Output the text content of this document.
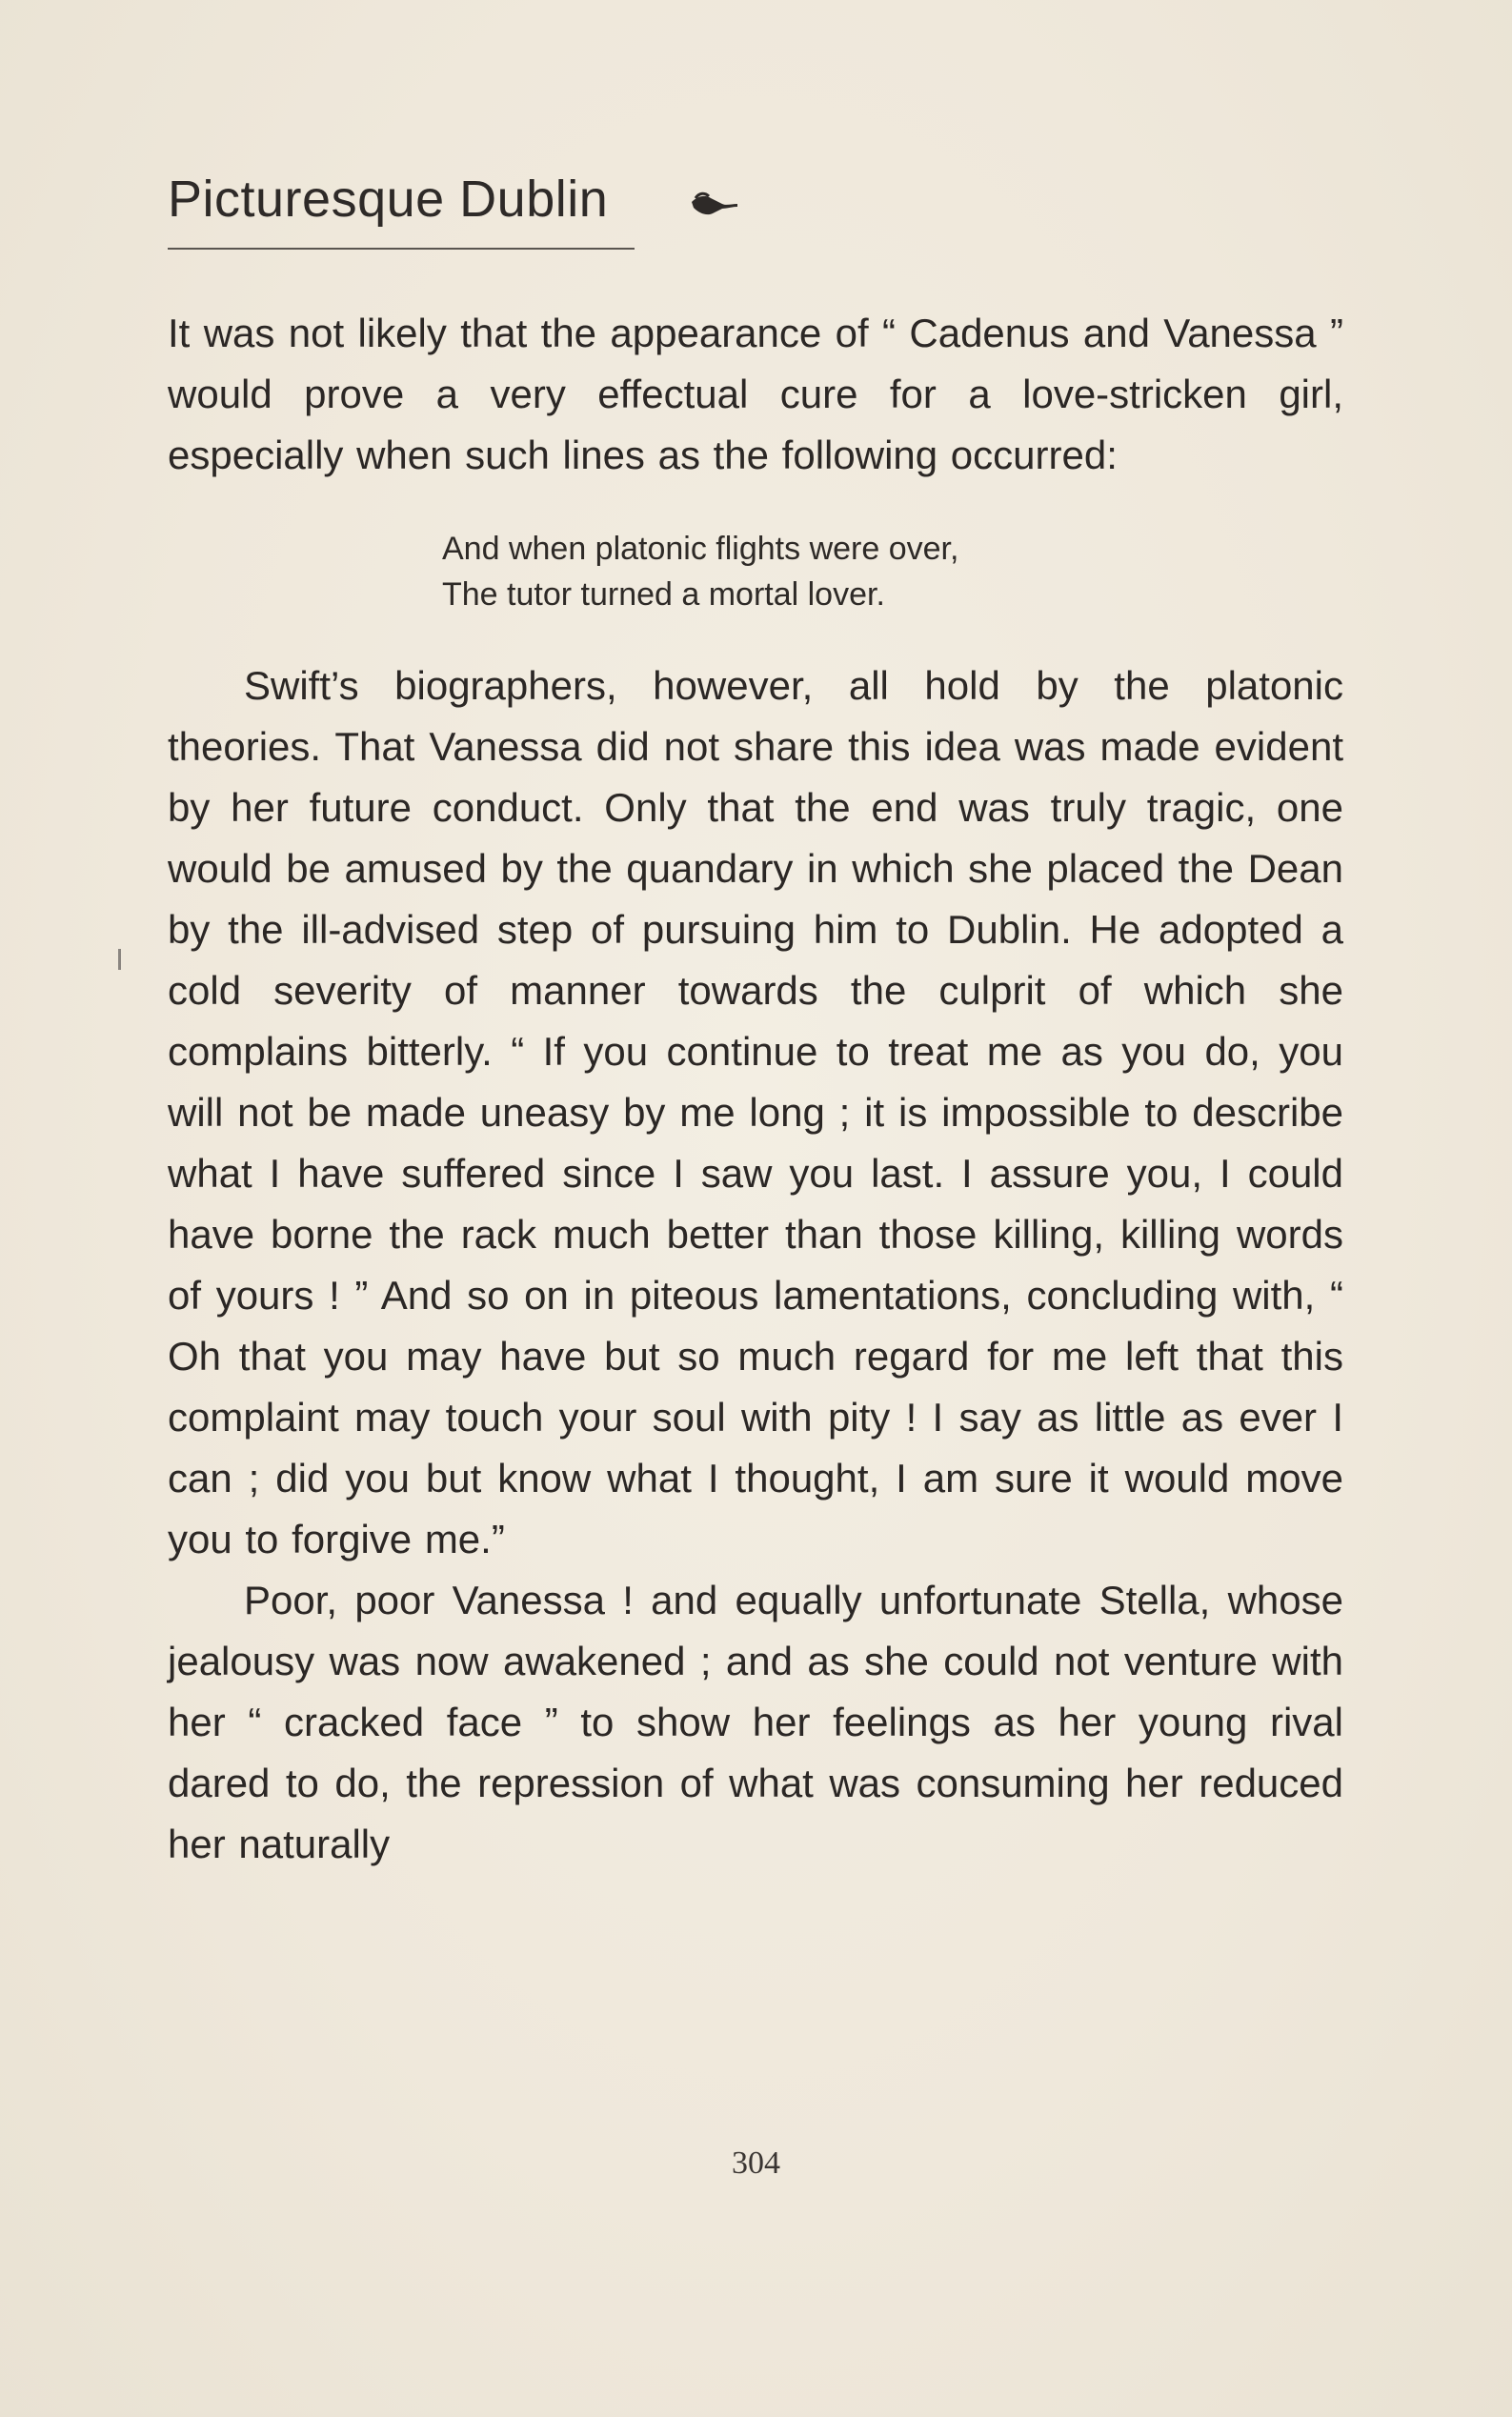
Picturesque Dublin

It was not likely that the appearance of “ Cadenus and Vanessa ” would prove a very effectual cure for a love-stricken girl, especially when such lines as the following occurred:

And when platonic flights were over,
The tutor turned a mortal lover.

Swift’s biographers, however, all hold by the platonic theories. That Vanessa did not share this idea was made evident by her future conduct. Only that the end was truly tragic, one would be amused by the quandary in which she placed the Dean by the ill-advised step of pursuing him to Dublin. He adopted a cold severity of manner towards the culprit of which she complains bitterly. “ If you continue to treat me as you do, you will not be made uneasy by me long ; it is impossible to describe what I have suffered since I saw you last. I assure you, I could have borne the rack much better than those killing, killing words of yours ! ” And so on in piteous lamentations, concluding with, “ Oh that you may have but so much regard for me left that this complaint may touch your soul with pity ! I say as little as ever I can ; did you but know what I thought, I am sure it would move you to forgive me.”

Poor, poor Vanessa ! and equally unfortunate Stella, whose jealousy was now awakened ; and as she could not venture with her “ cracked face ” to show her feelings as her young rival dared to do, the repression of what was consuming her reduced her naturally

304
